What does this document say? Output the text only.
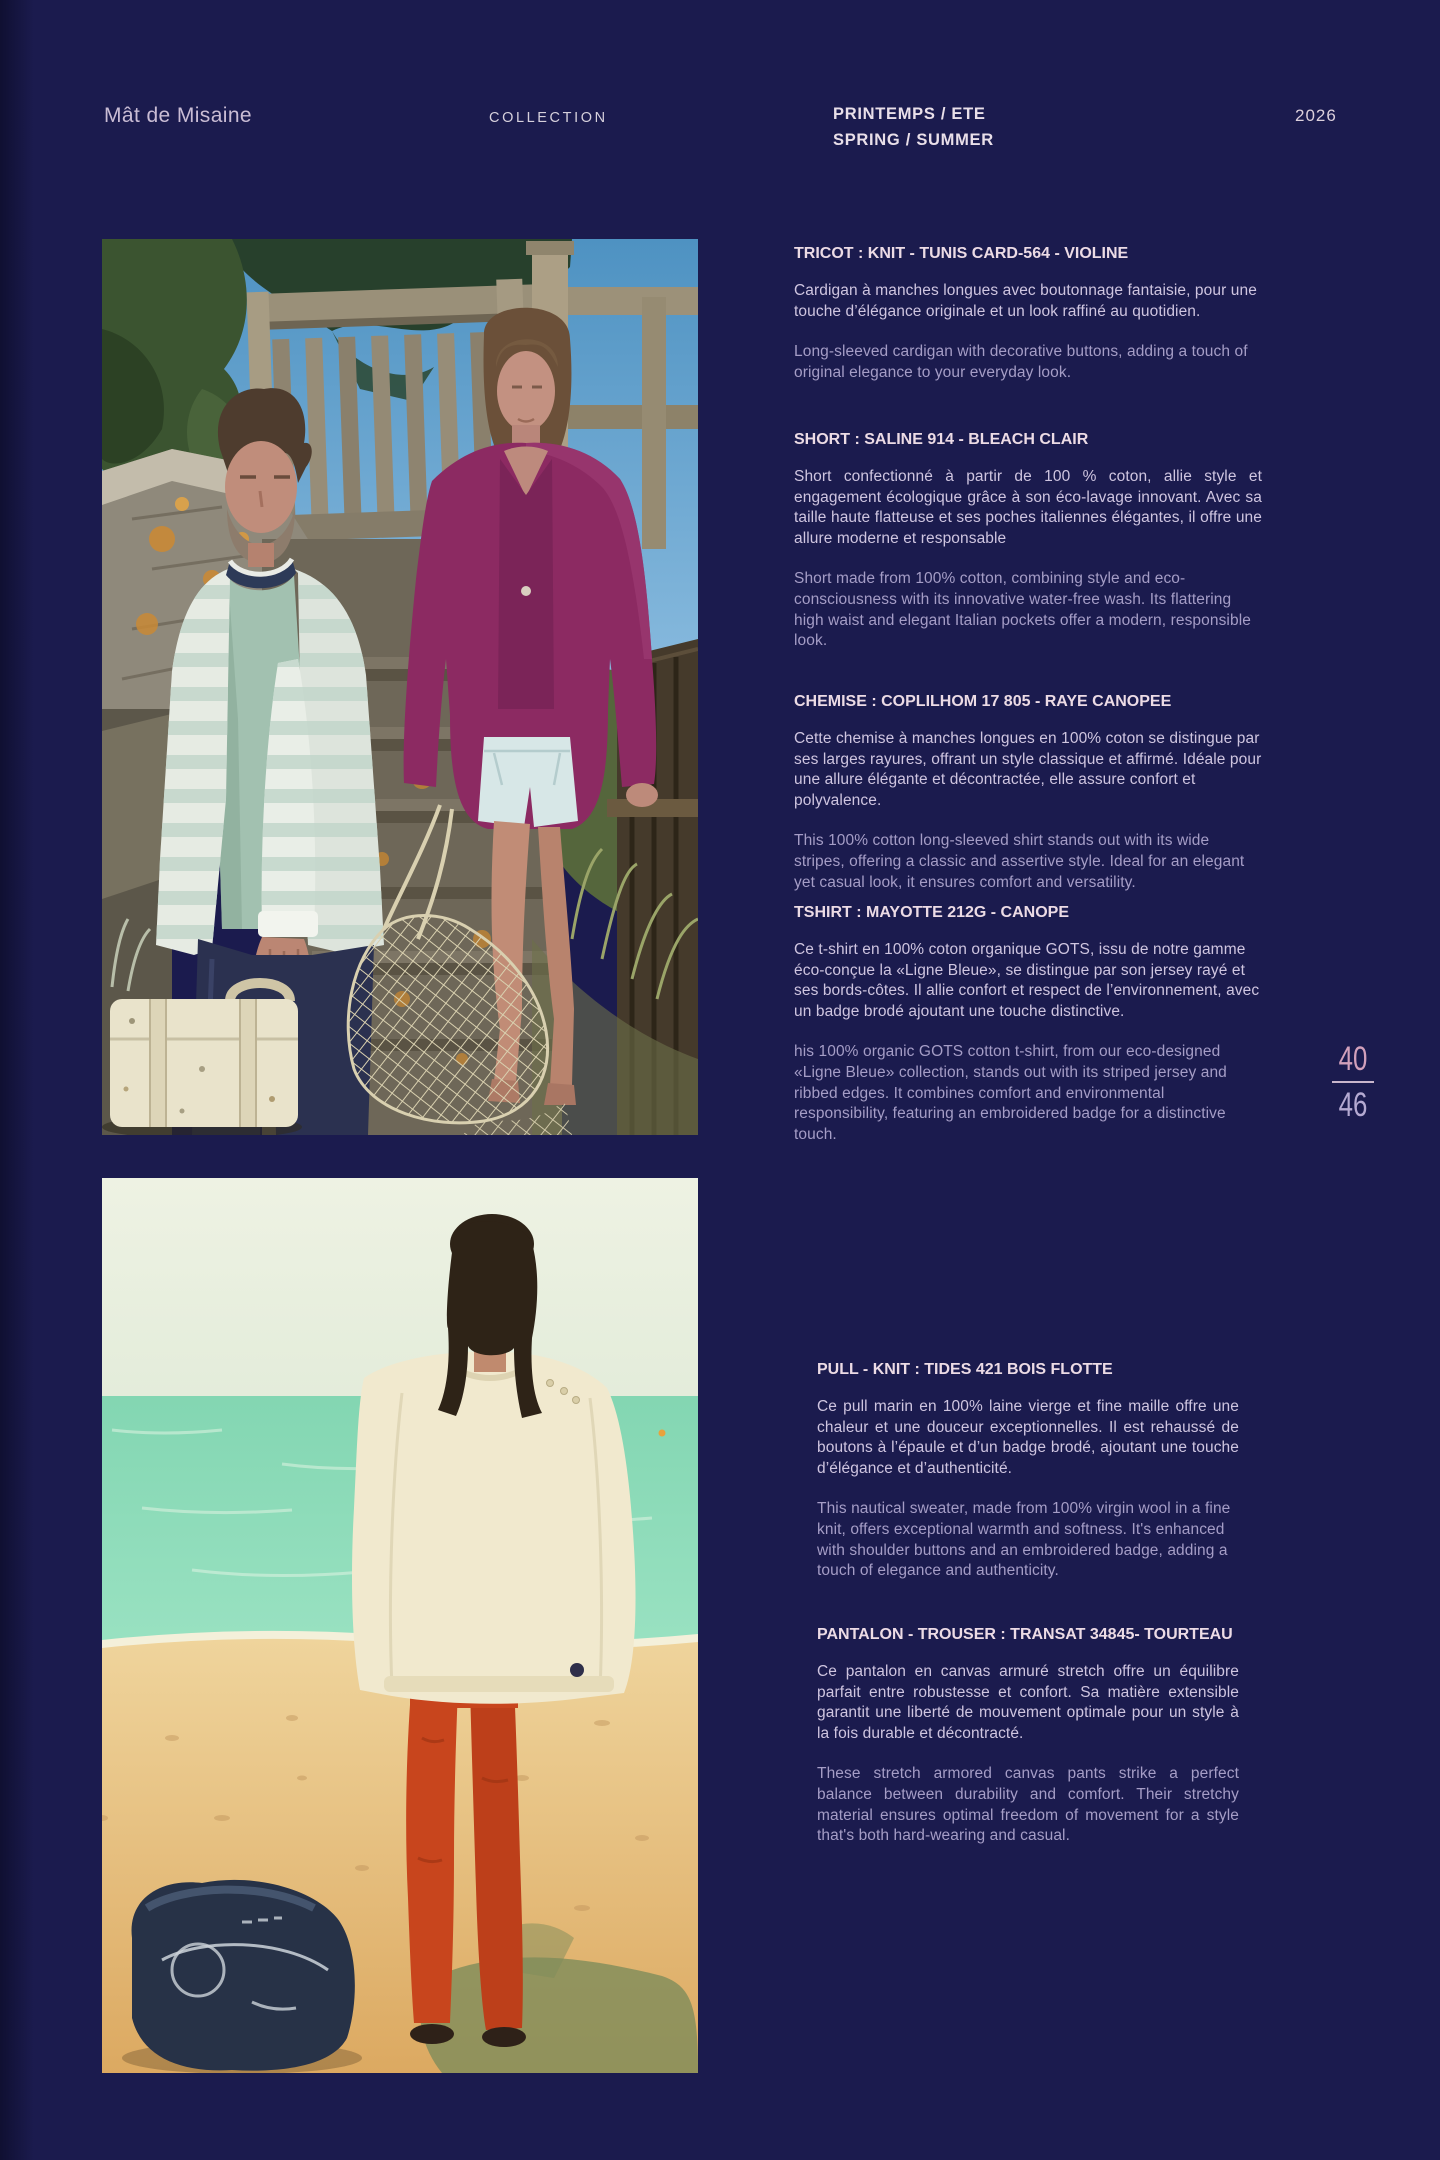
Mât de Misaine	COLLECTION	PRINTEMPS / ETE
SPRING / SUMMER
2026
TRICOT : KNIT - TUNIS CARD-564 - VIOLINE

Cardigan à manches longues avec boutonnage fantaisie, pour une touche d’élégance originale et un look raffiné au quotidien.

Long-sleeved cardigan with decorative buttons, adding a touch of original elegance to your everyday look.

SHORT : SALINE 914 - BLEACH CLAIR

Short confectionné à partir de 100 % coton, allie style et engagement écologique grâce à son éco-lavage innovant. Avec sa taille haute flatteuse et ses poches italiennes élégantes, il offre une allure moderne et responsable

Short made from 100% cotton, combining style and eco-consciousness with its innovative water-free wash. Its flattering high waist and elegant Italian pockets offer a modern, responsible look.

CHEMISE : COPLILHOM 17 805 - RAYE CANOPEE

Cette chemise à manches longues en 100% coton se distingue par ses larges rayures, offrant un style classique et affirmé. Idéale pour une allure élégante et décontractée, elle assure confort et polyvalence.

This 100% cotton long-sleeved shirt stands out with its wide stripes, offering a classic and assertive style. Ideal for an elegant yet casual look, it ensures comfort and versatility.

TSHIRT : MAYOTTE 212G - CANOPE

Ce t-shirt en 100% coton organique GOTS, issu de notre gamme éco-conçue la «Ligne Bleue», se distingue par son jersey rayé et ses bords-côtes. Il allie confort et respect de l’environnement, avec un badge brodé ajoutant une touche distinctive.

his 100% organic GOTS cotton t-shirt, from our eco-designed «Ligne Bleue» collection, stands out with its striped jersey and ribbed edges. It combines comfort and environmental responsibility, featuring an embroidered badge for a distinctive touch.

PULL - KNIT : TIDES 421 BOIS FLOTTE

Ce pull marin en 100% laine vierge et fine maille offre une chaleur et une douceur exceptionnelles. Il est rehaussé de boutons à l’épaule et d’un badge brodé, ajoutant une touche d’élégance et d’authenticité.

This nautical sweater, made from 100% virgin wool in a fine knit, offers exceptional warmth and softness. It's enhanced with shoulder buttons and an embroidered badge, adding a touch of elegance and authenticity.

PANTALON - TROUSER : TRANSAT 34845- TOURTEAU

Ce pantalon en canvas armuré stretch offre un équilibre parfait entre robustesse et confort. Sa matière extensible garantit une liberté de mouvement optimale pour un style à la fois durable et décontracté.

These stretch armored canvas pants strike a perfect balance between durability and comfort. Their stretchy material ensures optimal freedom of movement for a style that's both hard-wearing and casual.

40
46
